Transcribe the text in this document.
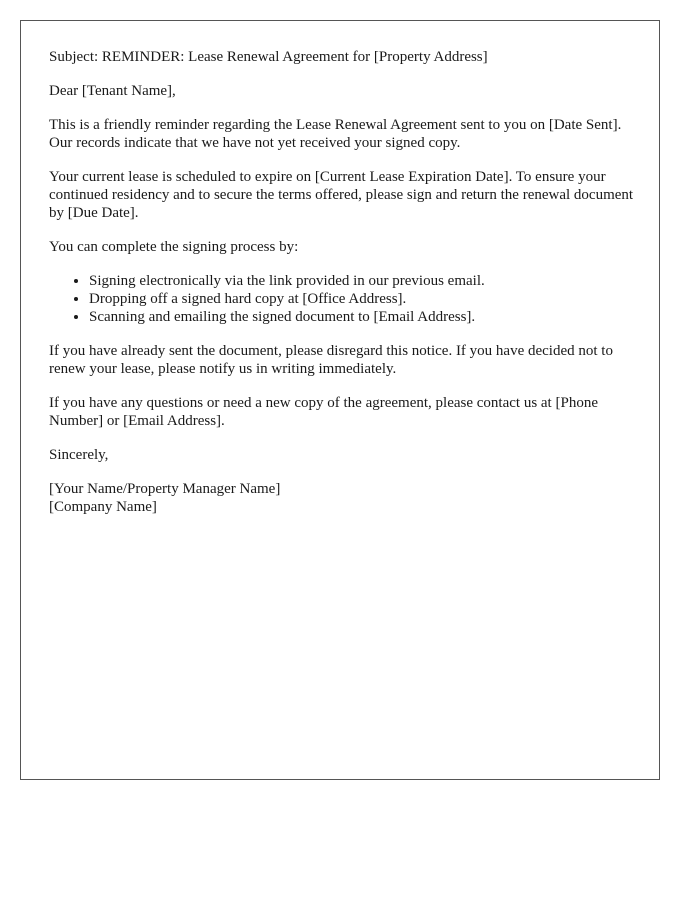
Subject: REMINDER: Lease Renewal Agreement for [Property Address]

Dear [Tenant Name],

This is a friendly reminder regarding the Lease Renewal Agreement sent to you on [Date Sent]. Our records indicate that we have not yet received your signed copy.

Your current lease is scheduled to expire on [Current Lease Expiration Date]. To ensure your continued residency and to secure the terms offered, please sign and return the renewal document by [Due Date].

You can complete the signing process by:

• Signing electronically via the link provided in our previous email.
• Dropping off a signed hard copy at [Office Address].
• Scanning and emailing the signed document to [Email Address].

If you have already sent the document, please disregard this notice. If you have decided not to renew your lease, please notify us in writing immediately.

If you have any questions or need a new copy of the agreement, please contact us at [Phone Number] or [Email Address].

Sincerely,

[Your Name/Property Manager Name]
[Company Name]
